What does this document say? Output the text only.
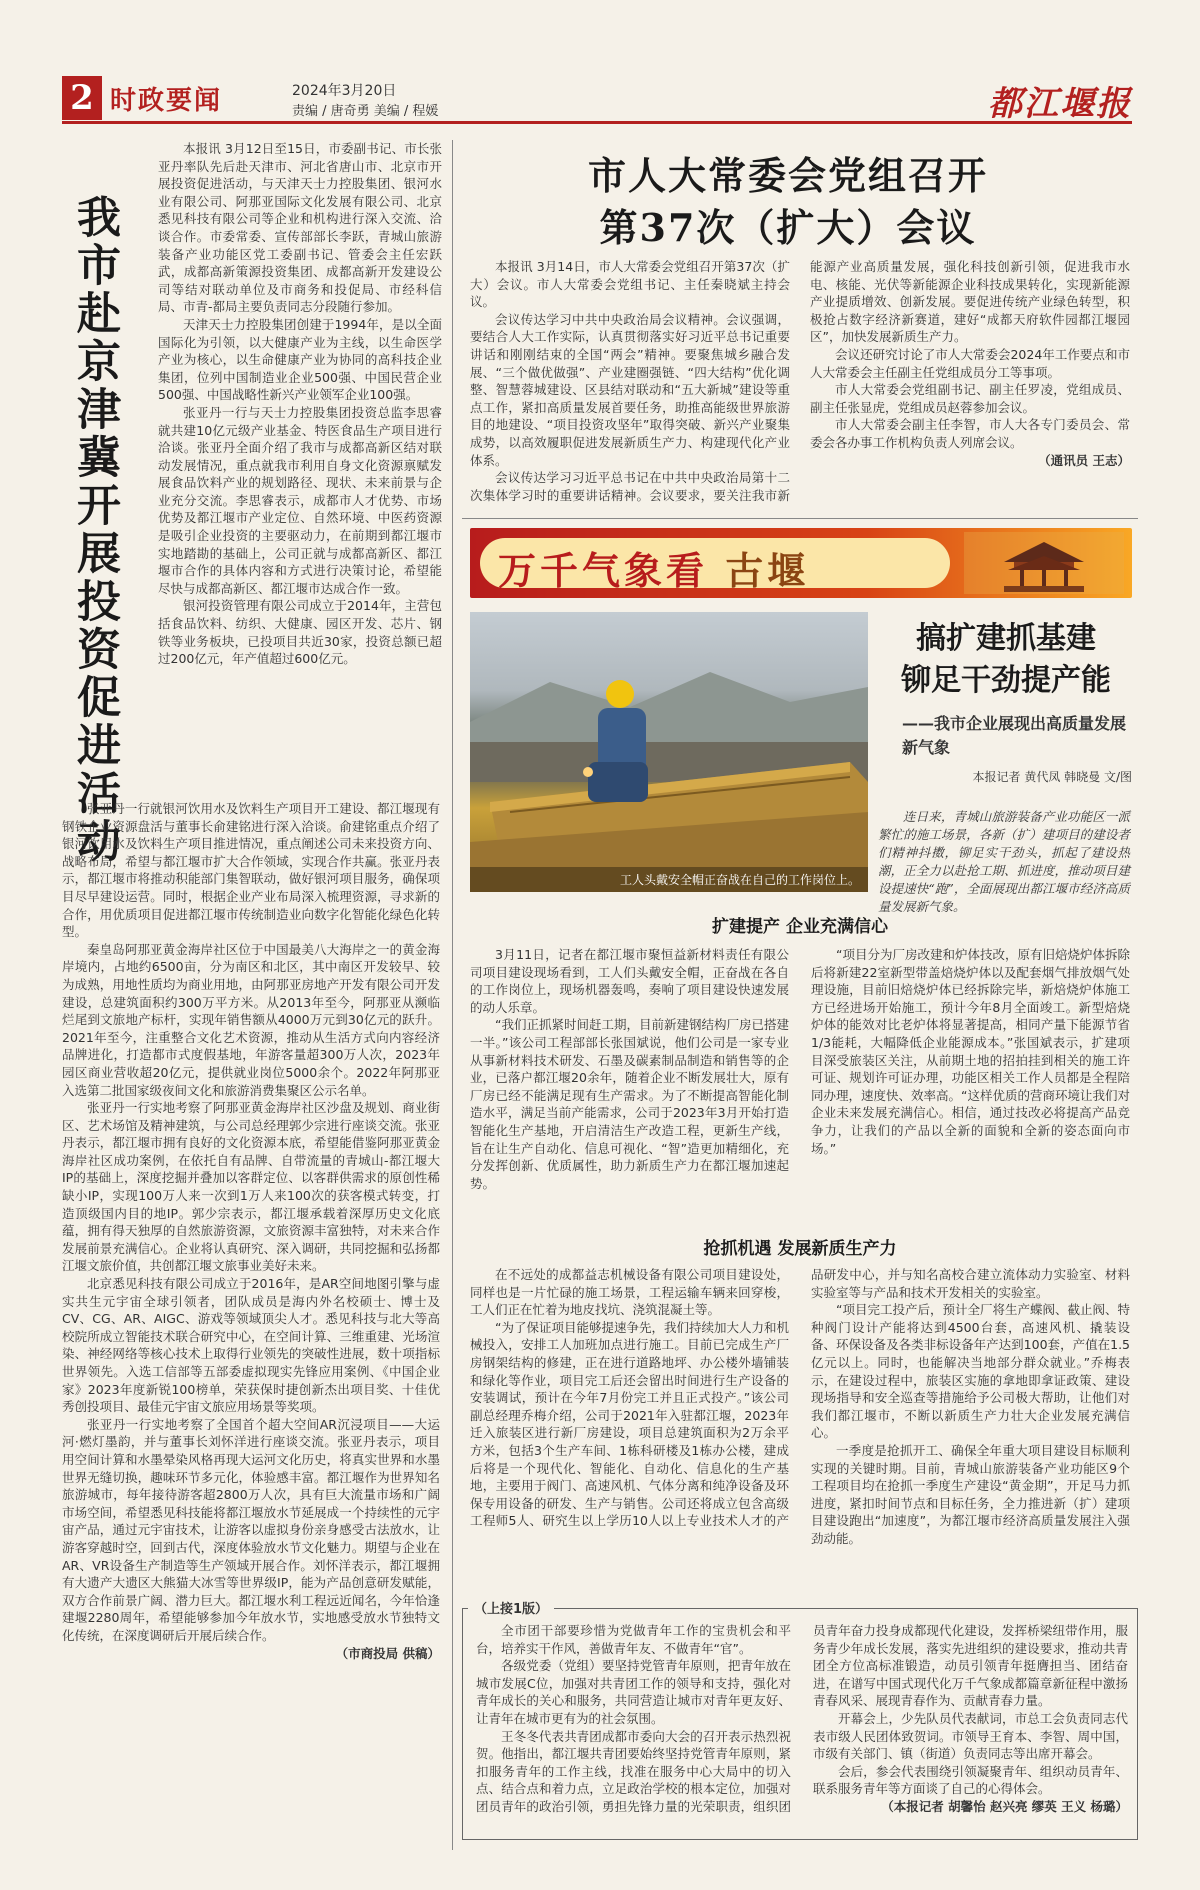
2 时政要闻	2024年3月20日
责编 / 唐奇勇 美编 / 程媛	都江堰报
我市赴京津冀开展投资促进活动

本报讯 3月12日至15日，市委副书记、市长张亚丹率队先后赴天津市、河北省唐山市、北京市开展投资促进活动，与天津天士力控股集团、银河水业有限公司、阿那亚国际文化发展有限公司、北京悉见科技有限公司等企业和机构进行深入交流、洽谈合作。市委常委、宣传部部长李跃，青城山旅游装备产业功能区党工委副书记、管委会主任宏跃武，成都高新策源投资集团、成都高新开发建设公司等结对联动单位及市商务和投促局、市经科信局、市青-都局主要负责同志分段随行参加。

天津天士力控股集团创建于1994年，是以全面国际化为引领，以大健康产业为主线，以生命医学产业为核心，以生命健康产业为协同的高科技企业集团，位列中国制造业企业500强、中国民营企业500强、中国战略性新兴产业领军企业100强。

张亚丹一行与天士力控股集团投资总监李思睿就共建10亿元级产业基金、特医食品生产项目进行洽谈。张亚丹全面介绍了我市与成都高新区结对联动发展情况，重点就我市利用自身文化资源禀赋发展食品饮料产业的规划路径、现状、未来前景与企业充分交流。李思睿表示，成都市人才优势、市场优势及都江堰市产业定位、自然环境、中医药资源是吸引企业投资的主要驱动力，在前期到都江堰市实地踏勘的基础上，公司正就与成都高新区、都江堰市合作的具体内容和方式进行决策讨论，希望能尽快与成都高新区、都江堰市达成合作一致。

银河投资管理有限公司成立于2014年，主营包括食品饮料、纺织、大健康、园区开发、芯片、钢铁等业务板块，已投项目共近30家，投资总额已超过200亿元，年产值超过600亿元。

张亚丹一行就银河饮用水及饮料生产项目开工建设、都江堰现有钢铁企业资源盘活与董事长俞建铭进行深入洽谈。俞建铭重点介绍了银河饮用水及饮料生产项目推进情况，重点阐述公司未来投资方向、战略布局，希望与都江堰市扩大合作领域，实现合作共赢。张亚丹表示，都江堰市将推动积能部门集智联动，做好银河项目服务，确保项目尽早建设运营。同时，根据企业产业布局深入梳理资源，寻求新的合作，用优质项目促进都江堰市传统制造业向数字化智能化绿色化转型。

秦皇岛阿那亚黄金海岸社区位于中国最美八大海岸之一的黄金海岸境内，占地约6500亩，分为南区和北区，其中南区开发较早、较为成熟，用地性质均为商业用地，由阿那亚房地产开发有限公司开发建设，总建筑面积约300万平方米。从2013年至今，阿那亚从濒临烂尾到文旅地产标杆，实现年销售额从4000万元到30亿元的跃升。2021年至今，注重整合文化艺术资源，推动从生活方式向内容经济品牌进化，打造都市式度假基地，年游客量超300万人次，2023年园区商业营收超20亿元，提供就业岗位5000余个。2022年阿那亚入选第二批国家级夜间文化和旅游消费集聚区公示名单。

张亚丹一行实地考察了阿那亚黄金海岸社区沙盘及规划、商业街区、艺术场馆及精神建筑，与公司总经理郭少宗进行座谈交流。张亚丹表示，都江堰市拥有良好的文化资源本底，希望能借鉴阿那亚黄金海岸社区成功案例，在依托自有品牌、自带流量的青城山-都江堰大IP的基础上，深度挖掘并叠加以客群定位、以客群供需求的原创性稀缺小IP，实现100万人来一次到1万人来100次的获客模式转变，打造顶级国内目的地IP。郭少宗表示，都江堰承载着深厚历史文化底蕴，拥有得天独厚的自然旅游资源，文旅资源丰富独特，对未来合作发展前景充满信心。企业将认真研究、深入调研，共同挖掘和弘扬都江堰文旅价值，共创都江堰文旅事业美好未来。

北京悉见科技有限公司成立于2016年，是AR空间地图引擎与虚实共生元宇宙全球引领者，团队成员是海内外名校硕士、博士及CV、CG、AR、AIGC、游戏等领域顶尖人才。悉见科技与北大等高校院所成立智能技术联合研究中心，在空间计算、三维重建、光场渲染、神经网络等核心技术上取得行业领先的突破性进展，数十项指标世界领先。入选工信部等五部委虚拟现实先锋应用案例、《中国企业家》2023年度新锐100榜单，荣获保时捷创新杰出项目奖、十佳优秀创投项目、最佳元宇宙文旅应用场景等奖项。

张亚丹一行实地考察了全国首个超大空间AR沉浸项目——大运河·燃灯墨韵，并与董事长刘怀洋进行座谈交流。张亚丹表示，项目用空间计算和水墨晕染风格再现大运河文化历史，将真实世界和水墨世界无缝切换，趣味环节多元化，体验感丰富。都江堰作为世界知名旅游城市，每年接待游客超2800万人次，具有巨大流量市场和广阔市场空间，希望悉见科技能将都江堰放水节延展成一个持续性的元宇宙产品，通过元宇宙技术，让游客以虚拟身份亲身感受古法放水，让游客穿越时空，回到古代，深度体验放水节文化魅力。期望与企业在AR、VR设备生产制造等生产领域开展合作。刘怀洋表示，都江堰拥有大遗产大遗区大熊猫大冰雪等世界级IP，能为产品创意研发赋能，双方合作前景广阔、潜力巨大。都江堰水利工程远近闻名，今年恰逢建堰2280周年，希望能够参加今年放水节，实地感受放水节独特文化传统，在深度调研后开展后续合作。

（市商投局 供稿）
市人大常委会党组召开
第37次（扩大）会议

本报讯 3月14日，市人大常委会党组召开第37次（扩大）会议。市人大常委会党组书记、主任秦晓斌主持会议。

会议传达学习中共中央政治局会议精神。会议强调，要结合人大工作实际，认真贯彻落实好习近平总书记重要讲话和刚刚结束的全国“两会”精神。要聚焦城乡融合发展、“三个做优做强”、产业建圈强链、“四大结构”优化调整、智慧蓉城建设、区县结对联动和“五大新城”建设等重点工作，紧扣高质量发展首要任务，助推高能级世界旅游目的地建设、“项目投资攻坚年”取得突破、新兴产业聚集成势，以高效履职促进发展新质生产力、构建现代化产业体系。

会议传达学习习近平总书记在中共中央政治局第十二次集体学习时的重要讲话精神。会议要求，要关注我市新能源产业高质量发展，强化科技创新引领，促进我市水电、核能、光伏等新能源企业科技成果转化，实现新能源产业提质增效、创新发展。要促进传统产业绿色转型，积极抢占数字经济新赛道，建好“成都天府软件园都江堰园区”，加快发展新质生产力。

会议还研究讨论了市人大常委会2024年工作要点和市人大常委会主任副主任党组成员分工等事项。

市人大常委会党组副书记、副主任罗凌，党组成员、副主任张显虎，党组成员赵蓉参加会议。

市人大常委会副主任李智，市人大各专门委员会、常委会各办事工作机构负责人列席会议。

（通讯员 王志）
万千气象看 古堰
工人头戴安全帽正奋战在自己的工作岗位上。
搞扩建抓基建
铆足干劲提产能
——我市企业展现出高质量发展新气象
本报记者 黄代凤 韩晓曼 文/图
连日来，青城山旅游装备产业功能区一派繁忙的施工场景，各新（扩）建项目的建设者们精神抖擞，铆足实干劲头，抓起了建设热潮，正全力以赴抢工期、抓进度，推动项目建设提速快“跑”，全面展现出都江堰市经济高质量发展新气象。
扩建提产 企业充满信心

3月11日，记者在都江堰市聚恒益新材料责任有限公司项目建设现场看到，工人们头戴安全帽，正奋战在各自的工作岗位上，现场机器轰鸣，奏响了项目建设快速发展的动人乐章。

“我们正抓紧时间赶工期，目前新建钢结构厂房已搭建一半。”该公司工程部部长张国斌说，他们公司是一家专业从事新材料技术研发、石墨及碳素制品制造和销售等的企业，已落户都江堰20余年，随着企业不断发展壮大，原有厂房已经不能满足现有生产需求。为了不断提高智能化制造水平，满足当前产能需求，公司于2023年3月开始打造智能化生产基地，开启清洁生产改造工程，更新生产线，旨在让生产自动化、信息可视化、“智”造更加精细化，充分发挥创新、优质属性，助力新质生产力在都江堰加速起势。

“项目分为厂房改建和炉体技改，原有旧焙烧炉体拆除后将新建22室新型带盖焙烧炉体以及配套烟气排放烟气处理设施，目前旧焙烧炉体已经拆除完毕，新焙烧炉体施工方已经进场开始施工，预计今年8月全面竣工。新型焙烧炉体的能效对比老炉体将显著提高，相同产量下能源节省1/3能耗，大幅降低企业能源成本。”张国斌表示，扩建项目深受旅装区关注，从前期土地的招拍挂到相关的施工许可证、规划许可证办理，功能区相关工作人员都是全程陪同办理，速度快、效率高。“这样优质的营商环境让我们对企业未来发展充满信心。相信，通过技改必将提高产品竞争力，让我们的产品以全新的面貌和全新的姿态面向市场。”

抢抓机遇 发展新质生产力

在不远处的成都益志机械设备有限公司项目建设处，同样也是一片忙碌的施工场景，工程运输车辆来回穿梭，工人们正在忙着为地皮找坑、浇筑混凝土等。

“为了保证项目能够提速争先，我们持续加大人力和机械投入，安排工人加班加点进行施工。目前已完成生产厂房钢架结构的修建，正在进行道路地坪、办公楼外墙铺装和绿化等作业，项目完工后还会留出时间进行生产设备的安装调试，预计在今年7月份完工并且正式投产。”该公司副总经理乔梅介绍，公司于2021年入驻都江堰，2023年迁入旅装区进行新厂房建设，项目总建筑面积为2万余平方米，包括3个生产车间、1栋科研楼及1栋办公楼，建成后将是一个现代化、智能化、自动化、信息化的生产基地，主要用于阀门、高速风机、气体分离和纯净设备及环保专用设备的研发、生产与销售。公司还将成立包含高级工程师5人、研究生以上学历10人以上专业技术人才的产品研发中心，并与知名高校合建立流体动力实验室、材料实验室等与产品和技术开发相关的实验室。

“项目完工投产后，预计全厂将生产蝶阀、截止阀、特种阀门设计产能将达到4500台套，高速风机、撬装设备、环保设备及各类非标设备年产达到100套，产值在1.5亿元以上。同时，也能解决当地部分群众就业。”乔梅表示，在建设过程中，旅装区实施的拿地即拿证政策、建设现场指导和安全巡查等措施给予公司极大帮助，让他们对我们都江堰市，不断以新质生产力壮大企业发展充满信心。

一季度是抢抓开工、确保全年重大项目建设目标顺利实现的关键时期。目前，青城山旅游装备产业功能区9个工程项目均在抢抓一季度生产建设“黄金期”，开足马力抓进度，紧扣时间节点和目标任务，全力推进新（扩）建项目建设跑出“加速度”，为都江堰市经济高质量发展注入强劲动能。

（上接1版）

全市团干部要珍惜为党做青年工作的宝贵机会和平台，培养实干作风，善做青年友、不做青年“官”。

各级党委（党组）要坚持党管青年原则，把青年放在城市发展C位，加强对共青团工作的领导和支持，强化对青年成长的关心和服务，共同营造让城市对青年更友好、让青年在城市更有为的社会氛围。

王冬冬代表共青团成都市委向大会的召开表示热烈祝贺。他指出，都江堰共青团要始终坚持党管青年原则，紧扣服务青年的工作主线，找准在服务中心大局中的切入点、结合点和着力点，立足政治学校的根本定位，加强对团员青年的政治引领，勇担先锋力量的光荣职责，组织团员青年奋力投身成都现代化建设，发挥桥梁纽带作用，服务青少年成长发展，落实先进组织的建设要求，推动共青团全方位高标准锻造，动员引领青年挺膺担当、团结奋进，在谱写中国式现代化万千气象成都篇章新征程中激扬青春风采、展现青春作为、贡献青春力量。

开幕会上，少先队员代表献词，市总工会负责同志代表市级人民团体致贺词。市领导王育本、李智、周中国，市级有关部门、镇（街道）负责同志等出席开幕会。

会后，参会代表围绕引领凝聚青年、组织动员青年、联系服务青年等方面谈了自己的心得体会。

（本报记者 胡馨怡 赵兴亮 缪英 王义 杨璐）
